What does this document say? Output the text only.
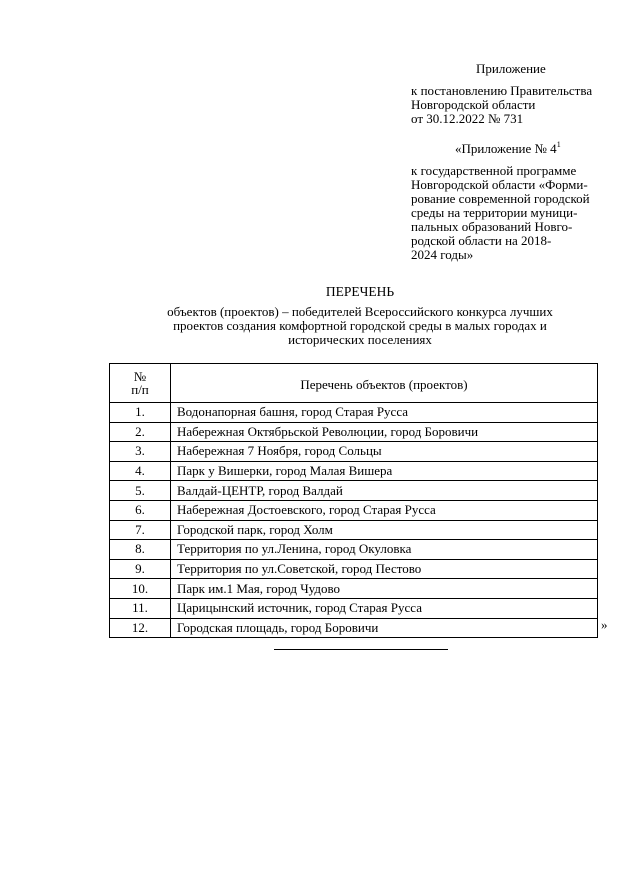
Приложение
к постановлению Правительства
Новгородской области
от 30.12.2022 № 731
«Приложение № $4^1$
к государственной программе
Новгородской области «Форми-
рование современной городской
среды на территории муници-
пальных образований Новго-
родской области на 2018-
2024 годы»
ПЕРЕЧЕНЬ
объектов (проектов) – победителей Всероссийского конкурса лучших
проектов создания комфортной городской среды в малых городах и
исторических поселениях
№
п/п	Перечень объектов (проектов)
1.	Водонапорная башня, город Старая Русса
2.	Набережная Октябрьской Революции, город Боровичи
3.	Набережная 7 Ноября, город Сольцы
4.	Парк у Вишерки, город Малая Вишера
5.	Валдай-ЦЕНТР, город Валдай
6.	Набережная Достоевского, город Старая Русса
7.	Городской парк, город Холм
8.	Территория по ул.Ленина, город Окуловка
9.	Территория по ул.Советской, город Пестово
10.	Парк им.1 Мая, город Чудово
11.	Царицынский источник, город Старая Русса
12.	Городская площадь, город Боровичи	»
